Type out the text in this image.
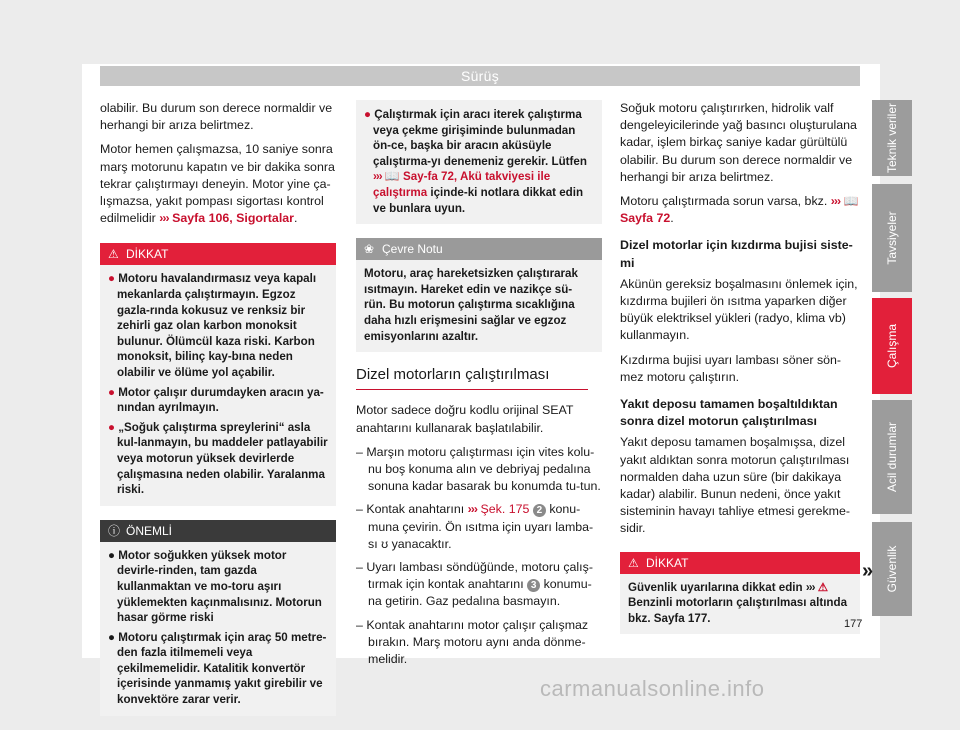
Sürüş

olabilir. Bu durum son derece normaldir ve herhangi bir arıza belirtmez.

Motor hemen çalışmazsa, 10 saniye sonra marş motorunu kapatın ve bir dakika sonra tekrar çalıştırmayı deneyin. Motor yine ça-lışmazsa, yakıt pompası sigortası kontrol edilmelidir ››› Sayfa 106, Sigortalar.

⚠ DİKKAT
● Motoru havalandırmasız veya kapalı mekanlarda çalıştırmayın. Egzoz gazla-rında kokusuz ve renksiz bir zehirli gaz olan karbon monoksit bulunur. Ölümcül kaza riski. Karbon monoksit, bilinç kay-bına neden olabilir ve ölüme yol açabilir.
● Motor çalışır durumdayken aracın ya-nından ayrılmayın.
● „Soğuk çalıştırma spreylerini“ asla kul-lanmayın, bu maddeler patlayabilir veya motorun yüksek devirlerde çalışmasına neden olabilir. Yaralanma riski.
ⓘ ÖNEMLİ
● Motor soğukken yüksek motor devirle-rinden, tam gazda kullanmaktan ve mo-toru aşırı yüklemekten kaçınmalısınız. Motorun hasar görme riski
● Motoru çalıştırmak için araç 50 metre-den fazla itilmemeli veya çekilmemelidir. Katalitik konvertör içerisinde yanmamış yakıt girebilir ve konvektöre zarar verir.
● Çalıştırmak için aracı iterek çalıştırma veya çekme girişiminde bulunmadan ön-ce, başka bir aracın aküsüyle çalıştırma-yı denemeniz gerekir. Lütfen ››› 📖 Say-fa 72, Akü takviyesi ile çalıştırma içinde-ki notlara dikkat edin ve bunlara uyun.
❀ Çevre Notu
Motoru, araç hareketsizken çalıştırarak ısıtmayın. Hareket edin ve nazikçe sü-rün. Bu motorun çalıştırma sıcaklığına daha hızlı erişmesini sağlar ve egzoz emisyonlarını azaltır.
Dizel motorların çalıştırılması

Motor sadece doğru kodlu orijinal SEAT anahtarını kullanarak başlatılabilir.

– Marşın motoru çalıştırması için vites kolu-nu boş konuma alın ve debriyaj pedalına sonuna kadar basarak bu konumda tu-tun.
– Kontak anahtarını ››› Şek. 175 2 konu-muna çevirin. Ön ısıtma için uyarı lamba-sı ʊ yanacaktır.
– Uyarı lambası söndüğünde, motoru çalış-tırmak için kontak anahtarını 3 konumu-na getirin. Gaz pedalına basmayın.
– Kontak anahtarını motor çalışır çalışmaz bırakın. Marş motoru aynı anda dönme-melidir.

Soğuk motoru çalıştırırken, hidrolik valf dengeleyicilerinde yağ basıncı oluşturulana kadar, işlem birkaç saniye kadar gürültülü olabilir. Bu durum son derece normaldir ve herhangi bir arıza belirtmez.

Motoru çalıştırmada sorun varsa, bkz. ››› 📖 Sayfa 72.

Dizel motorlar için kızdırma bujisi siste-mi

Akünün gereksiz boşalmasını önlemek için, kızdırma bujileri ön ısıtma yaparken diğer büyük elektriksel yükleri (radyo, klima vb) kullanmayın.

Kızdırma bujisi uyarı lambası söner sön-mez motoru çalıştırın.

Yakıt deposu tamamen boşaltıldıktan sonra dizel motorun çalıştırılması

Yakıt deposu tamamen boşalmışsa, dizel yakıt aldıktan sonra motorun çalıştırılması normalden daha uzun süre (bir dakikaya kadar) alabilir. Bunun nedeni, önce yakıt sisteminin havayı tahliye etmesi gerekme-sidir.

⚠ DİKKAT
Güvenlik uyarılarına dikkat edin ››› ⚠ Benzinli motorların çalıştırılması altında bkz. Sayfa 177.
Teknik veriler
Tavsiyeler
Çalışma
Acil durumlar
Güvenlik
»
177
carmanualsonline.info
